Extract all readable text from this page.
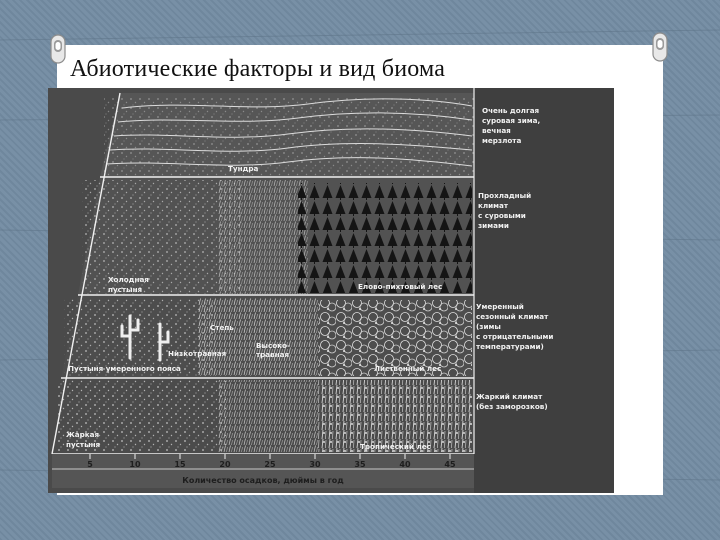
Абиотические факторы и вид биома
Тундра
Елово-пихтовый лес
Холодная
пустыня
Степь
Низкотравная
Высоко-
травная
Пустыня умеренного пояса	Лиственный лес
Жаркая
пустыня	Тропический лес
Очень долгая
суровая зима,
вечная
мерзлота
Прохладный
климат
с суровыми
зимами
Умеренный
сезонный климат
(зимы
с отрицательными
температурами)
Жаркий климат
(без заморозков)
5	10	15	20	25	30	35	40	45
Количество осадков, дюймы в год
